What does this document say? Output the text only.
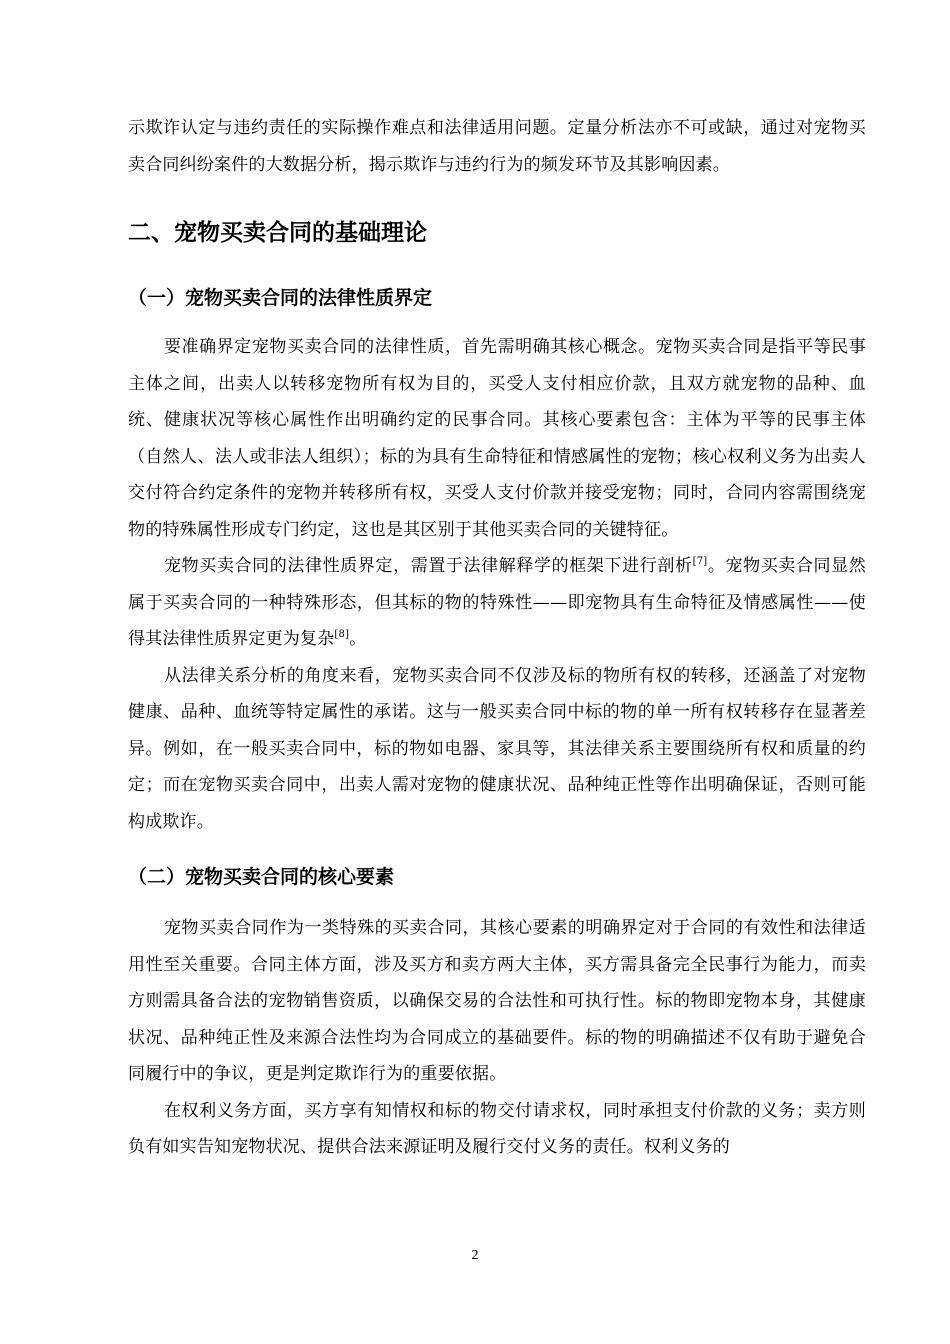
示欺诈认定与违约责任的实际操作难点和法律适用问题。定量分析法亦不可或缺，通过对宠物买卖合同纠纷案件的大数据分析，揭示欺诈与违约行为的频发环节及其影响因素。

二、宠物买卖合同的基础理论
（一）宠物买卖合同的法律性质界定

要准确界定宠物买卖合同的法律性质，首先需明确其核心概念。宠物买卖合同是指平等民事主体之间，出卖人以转移宠物所有权为目的，买受人支付相应价款，且双方就宠物的品种、血统、健康状况等核心属性作出明确约定的民事合同。其核心要素包含：主体为平等的民事主体（自然人、法人或非法人组织）；标的为具有生命特征和情感属性的宠物；核心权利义务为出卖人交付符合约定条件的宠物并转移所有权，买受人支付价款并接受宠物；同时，合同内容需围绕宠物的特殊属性形成专门约定，这也是其区别于其他买卖合同的关键特征。

宠物买卖合同的法律性质界定，需置于法律解释学的框架下进行剖析[7]。宠物买卖合同显然属于买卖合同的一种特殊形态，但其标的物的特殊性——即宠物具有生命特征及情感属性——使得其法律性质界定更为复杂[8]。

从法律关系分析的角度来看，宠物买卖合同不仅涉及标的物所有权的转移，还涵盖了对宠物健康、品种、血统等特定属性的承诺。这与一般买卖合同中标的物的单一所有权转移存在显著差异。例如，在一般买卖合同中，标的物如电器、家具等，其法律关系主要围绕所有权和质量的约定；而在宠物买卖合同中，出卖人需对宠物的健康状况、品种纯正性等作出明确保证，否则可能构成欺诈。

（二）宠物买卖合同的核心要素

宠物买卖合同作为一类特殊的买卖合同，其核心要素的明确界定对于合同的有效性和法律适用性至关重要。合同主体方面，涉及买方和卖方两大主体，买方需具备完全民事行为能力，而卖方则需具备合法的宠物销售资质，以确保交易的合法性和可执行性。标的物即宠物本身，其健康状况、品种纯正性及来源合法性均为合同成立的基础要件。标的物的明确描述不仅有助于避免合同履行中的争议，更是判定欺诈行为的重要依据。

在权利义务方面，买方享有知情权和标的物交付请求权，同时承担支付价款的义务；卖方则负有如实告知宠物状况、提供合法来源证明及履行交付义务的责任。权利义务的

2
